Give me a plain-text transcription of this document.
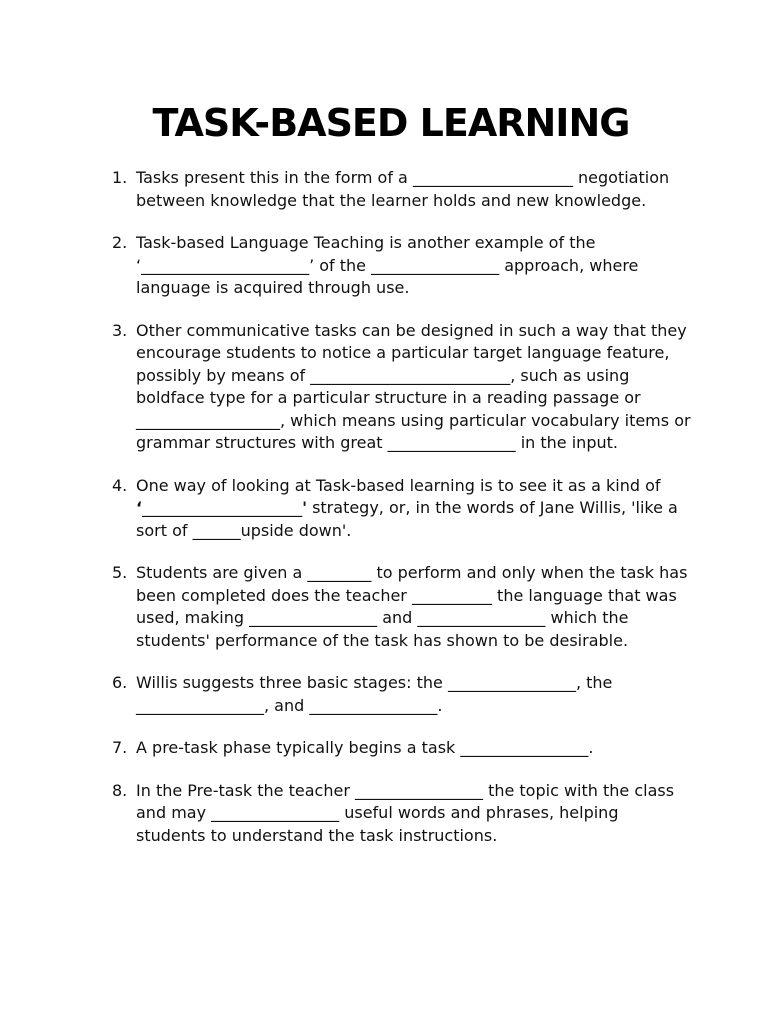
TASK-BASED LEARNING
1. Tasks present this in the form of a ____________________ negotiation between knowledge that the learner holds and new knowledge.
2. Task-based Language Teaching is another example of the ‘_____________________’ of the ________________ approach, where language is acquired through use.
3. Other communicative tasks can be designed in such a way that they encourage students to notice a particular target language feature, possibly by means of _________________________, such as using boldface type for a particular structure in a reading passage or __________________, which means using particular vocabulary items or grammar structures with great ________________ in the input.
4. One way of looking at Task-based learning is to see it as a kind of ‘____________________' strategy, or, in the words of Jane Willis, 'like a sort of ______upside down'.
5. Students are given a ________ to perform and only when the task has been completed does the teacher __________ the language that was used, making ________________ and ________________ which the students' performance of the task has shown to be desirable.
6. Willis suggests three basic stages: the ________________, the ________________, and ________________.
7. A pre-task phase typically begins a task ________________.
8. In the Pre-task the teacher ________________ the topic with the class and may ________________ useful words and phrases, helping students to understand the task instructions.
